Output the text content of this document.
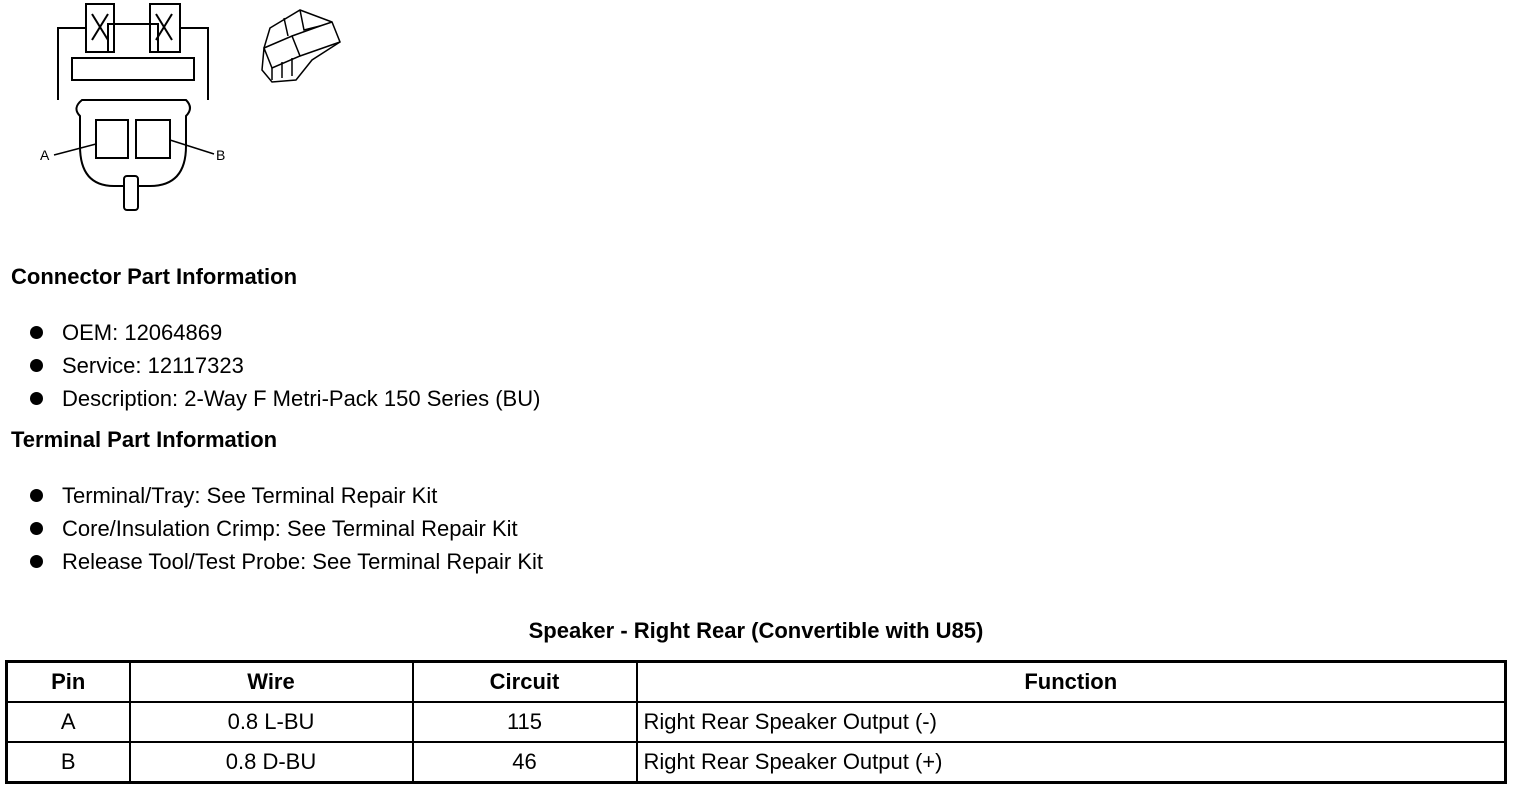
A	B
Connector Part Information
OEM: 12064869
Service: 12117323
Description: 2-Way F Metri-Pack 150 Series (BU)
Terminal Part Information
Terminal/Tray: See Terminal Repair Kit
Core/Insulation Crimp: See Terminal Repair Kit
Release Tool/Test Probe: See Terminal Repair Kit
Speaker - Right Rear (Convertible with U85)
Pin	Wire	Circuit	Function
A	0.8 L-BU	115	Right Rear Speaker Output (-)
B	0.8 D-BU	46	Right Rear Speaker Output (+)
